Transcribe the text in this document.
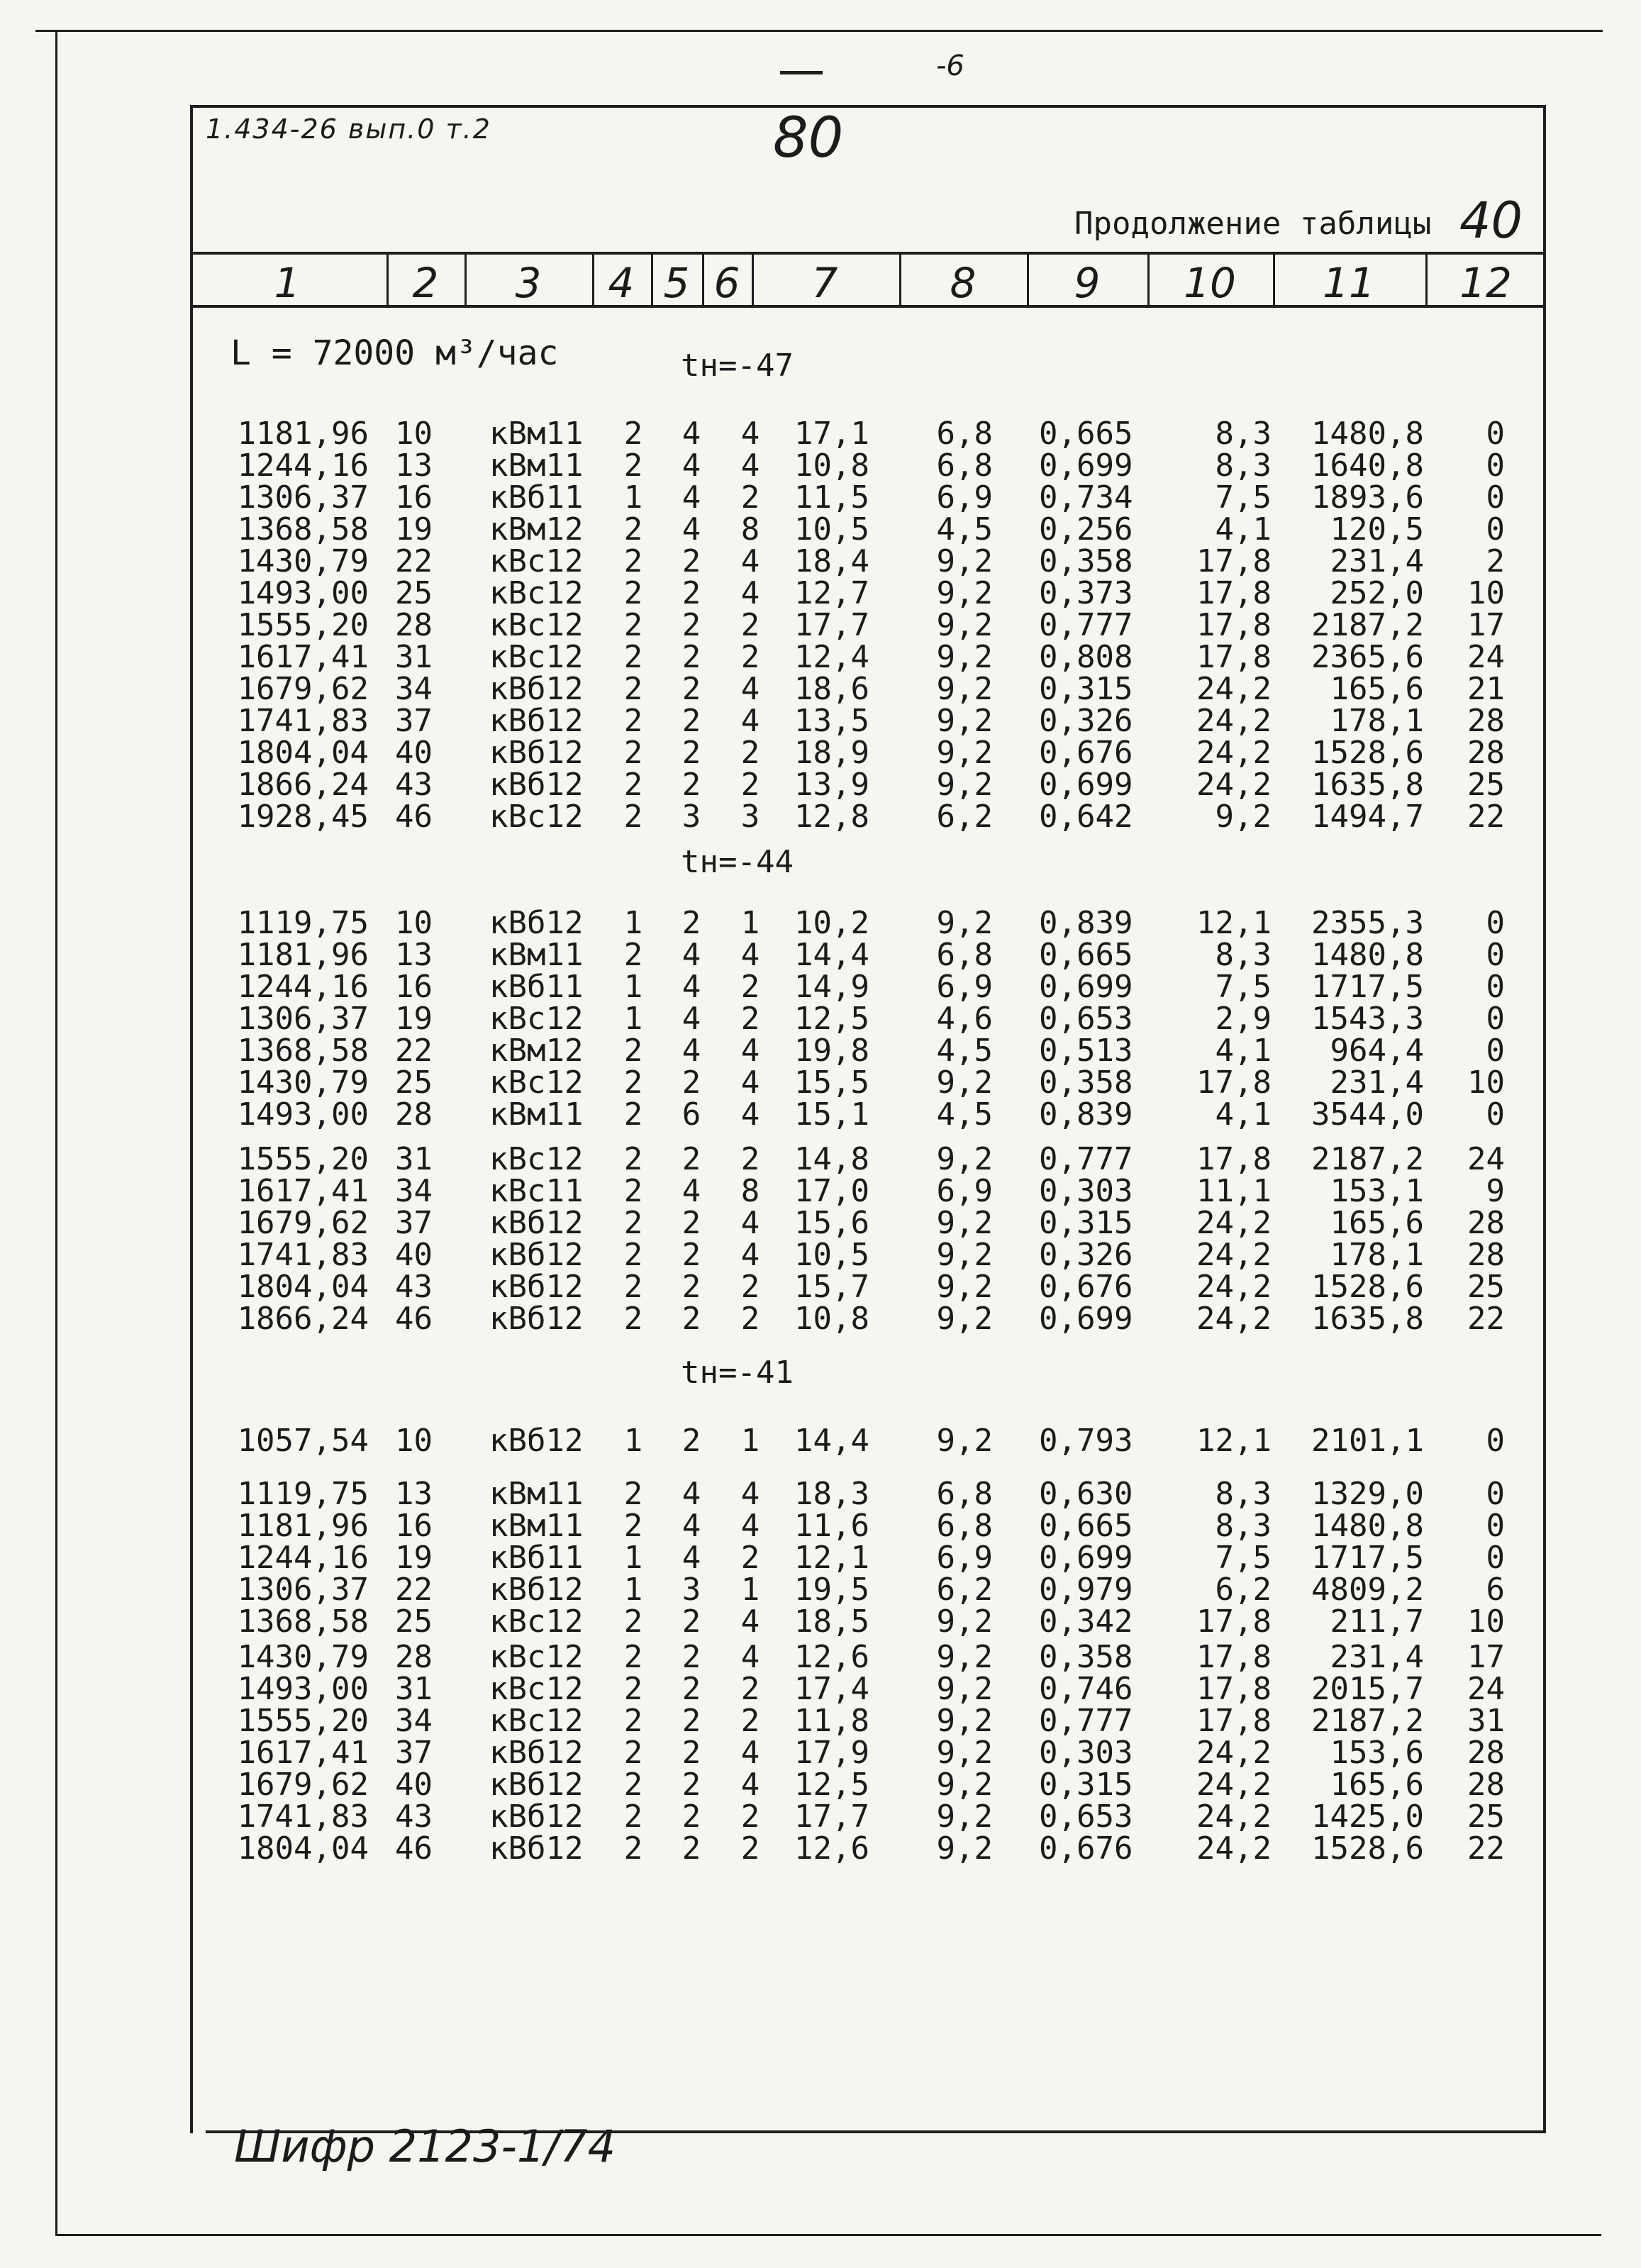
-6
1.434-26 вып.0 т.2	80
Продолжение таблицы 40
1	2 3 4 5 6 7	8 9 10 11 12
L = 72000 м³/час	tн=-47
1181,96 10 кВм11 2 4 4 17,1 6,8 0,665	8,3 1480,8 0
1244,16 13 кВм11 2 4 4 10,8 6,8 0,699	8,3 1640,8 0
1306,37 16 кВб11 1 4 2 11,5 6,9 0,734	7,5 1893,6 0
1368,58 19 кВм12 2 4 8 10,5 4,5 0,256	4,1 120,5 0
1430,79 22 кВс12 2 2 4 18,4 9,2 0,358 17,8 231,4 2
1493,00 25 кВс12 2 2 4 12,7 9,2 0,373 17,8 252,0 10
1555,20 28 кВс12 2 2 2 17,7 9,2 0,777 17,8 2187,2 17
1617,41 31 кВс12 2 2 2 12,4 9,2 0,808 17,8 2365,6 24
1679,62 34 кВб12 2 2 4 18,6 9,2 0,315 24,2 165,6 21
1741,83 37 кВб12 2 2 4 13,5 9,2 0,326 24,2 178,1 28
1804,04 40 кВб12 2 2 2 18,9 9,2 0,676 24,2 1528,6 28
1866,24 43 кВб12 2 2 2 13,9 9,2 0,699 24,2 1635,8 25
1928,45 46 кВс12 2 3 3 12,8 6,2 0,642	9,2 1494,7 22
tн=-44
1119,75 10 кВб12 1 2 1 10,2 9,2 0,839 12,1 2355,3 0
1181,96 13 кВм11 2 4 4 14,4 6,8 0,665	8,3 1480,8 0
1244,16 16 кВб11 1 4 2 14,9 6,9 0,699	7,5 1717,5 0
1306,37 19 кВс12 1 4 2 12,5 4,6 0,653	2,9 1543,3 0
1368,58 22 кВм12 2 4 4 19,8 4,5 0,513	4,1 964,4 0
1430,79 25 кВс12 2 2 4 15,5 9,2 0,358 17,8 231,4 10
1493,00 28 кВм11 2 6 4 15,1 4,5 0,839	4,1 3544,0 0
1555,20 31 кВс12 2 2 2 14,8 9,2 0,777 17,8 2187,2 24
1617,41 34 кВс11 2 4 8 17,0 6,9 0,303 11,1 153,1 9
1679,62 37 кВб12 2 2 4 15,6 9,2 0,315 24,2 165,6 28
1741,83 40 кВб12 2 2 4 10,5 9,2 0,326 24,2 178,1 28
1804,04 43 кВб12 2 2 2 15,7 9,2 0,676 24,2 1528,6 25
1866,24 46 кВб12 2 2 2 10,8 9,2 0,699 24,2 1635,8 22
tн=-41
1057,54 10 кВб12 1 2 1 14,4 9,2 0,793 12,1 2101,1 0
1119,75 13 кВм11 2 4 4 18,3 6,8 0,630	8,3 1329,0 0
1181,96 16 кВм11 2 4 4 11,6 6,8 0,665	8,3 1480,8 0
1244,16 19 кВб11 1 4 2 12,1 6,9 0,699	7,5 1717,5 0
1306,37 22 кВб12 1 3 1 19,5 6,2 0,979	6,2 4809,2 6
1368,58 25 кВс12 2 2 4 18,5 9,2 0,342 17,8 211,7 10
1430,79 28 кВс12 2 2 4 12,6 9,2 0,358 17,8 231,4 17
1493,00 31 кВс12 2 2 2 17,4 9,2 0,746 17,8 2015,7 24
1555,20 34 кВс12 2 2 2 11,8 9,2 0,777 17,8 2187,2 31
1617,41 37 кВб12 2 2 4 17,9 9,2 0,303 24,2 153,6 28
1679,62 40 кВб12 2 2 4 12,5 9,2 0,315 24,2 165,6 28
1741,83 43 кВб12 2 2 2 17,7 9,2 0,653 24,2 1425,0 25
1804,04 46 кВб12 2 2 2 12,6 9,2 0,676 24,2 1528,6 22
Шифр 2123-1/74
